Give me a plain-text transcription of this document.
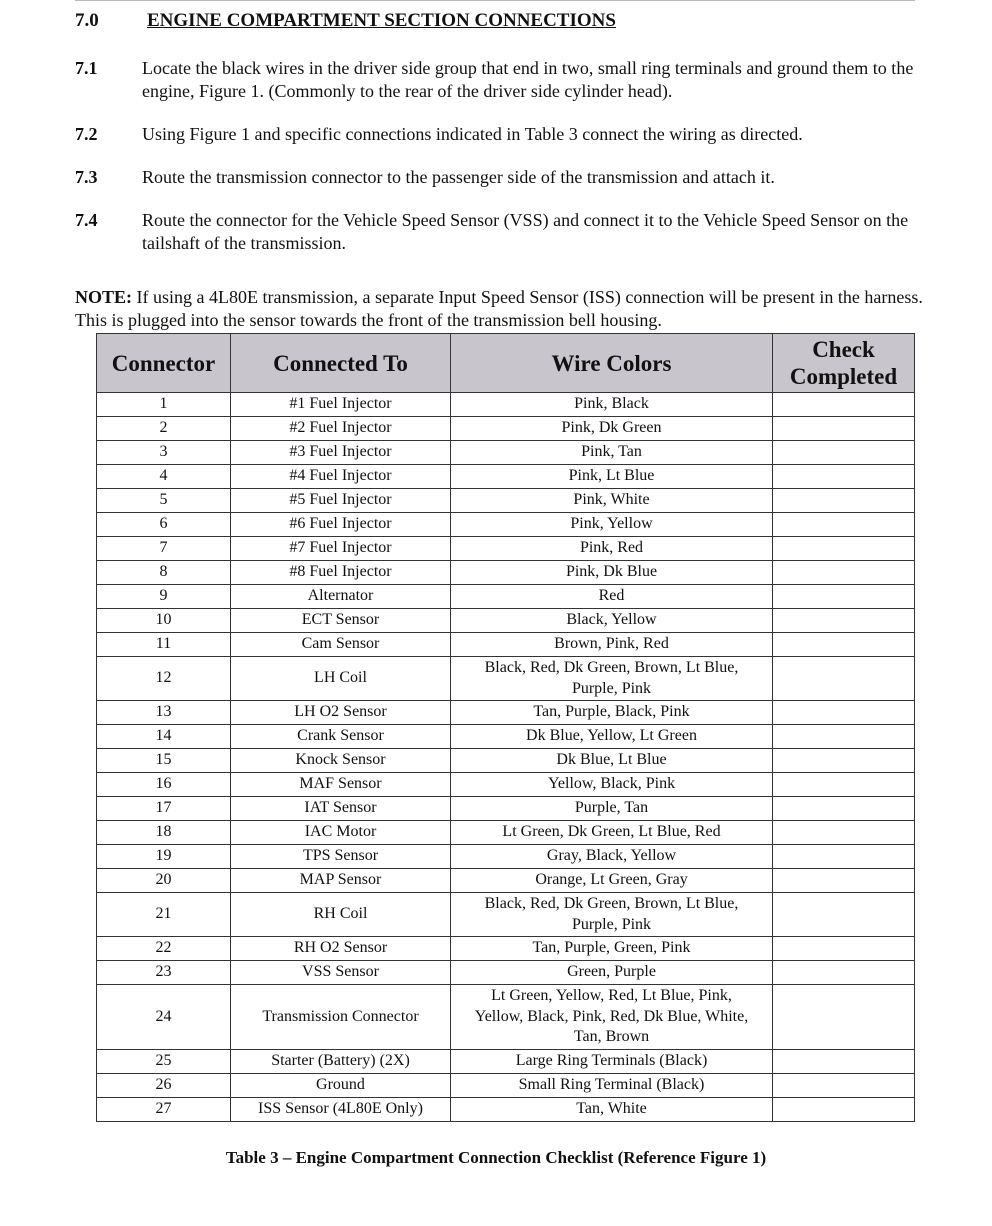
7.0	ENGINE COMPARTMENT SECTION CONNECTIONS
7.1	Locate the black wires in the driver side group that end in two, small ring terminals and ground them to the engine, Figure 1. (Commonly to the rear of the driver side cylinder head).
7.2	Using Figure 1 and specific connections indicated in Table 3 connect the wiring as directed.
7.3	Route the transmission connector to the passenger side of the transmission and attach it.
7.4	Route the connector for the Vehicle Speed Sensor (VSS) and connect it to the Vehicle Speed Sensor on the tailshaft of the transmission.
NOTE: If using a 4L80E transmission, a separate Input Speed Sensor (ISS) connection will be present in the harness. This is plugged into the sensor towards the front of the transmission bell housing.
Connector	Connected To	Wire Colors	Check Completed
1	#1 Fuel Injector	Pink, Black	
2	#2 Fuel Injector	Pink, Dk Green	
3	#3 Fuel Injector	Pink, Tan	
4	#4 Fuel Injector	Pink, Lt Blue	
5	#5 Fuel Injector	Pink, White	
6	#6 Fuel Injector	Pink, Yellow	
7	#7 Fuel Injector	Pink, Red	
8	#8 Fuel Injector	Pink, Dk Blue	
9	Alternator	Red	
10	ECT Sensor	Black, Yellow	
11	Cam Sensor	Brown, Pink, Red	
12	LH Coil	Black, Red, Dk Green, Brown, Lt Blue, Purple, Pink	
13	LH O2 Sensor	Tan, Purple, Black, Pink	
14	Crank Sensor	Dk Blue, Yellow, Lt Green	
15	Knock Sensor	Dk Blue, Lt Blue	
16	MAF Sensor	Yellow, Black, Pink	
17	IAT Sensor	Purple, Tan	
18	IAC Motor	Lt Green, Dk Green, Lt Blue, Red	
19	TPS Sensor	Gray, Black, Yellow	
20	MAP Sensor	Orange, Lt Green, Gray	
21	RH Coil	Black, Red, Dk Green, Brown, Lt Blue, Purple, Pink	
22	RH O2 Sensor	Tan, Purple, Green, Pink	
23	VSS Sensor	Green, Purple	
24	Transmission Connector	Lt Green, Yellow, Red, Lt Blue, Pink, Yellow, Black, Pink, Red, Dk Blue, White, Tan, Brown	
25	Starter (Battery) (2X)	Large Ring Terminals (Black)	
26	Ground	Small Ring Terminal (Black)	
27	ISS Sensor (4L80E Only)	Tan, White	
Table 3 – Engine Compartment Connection Checklist (Reference Figure 1)
